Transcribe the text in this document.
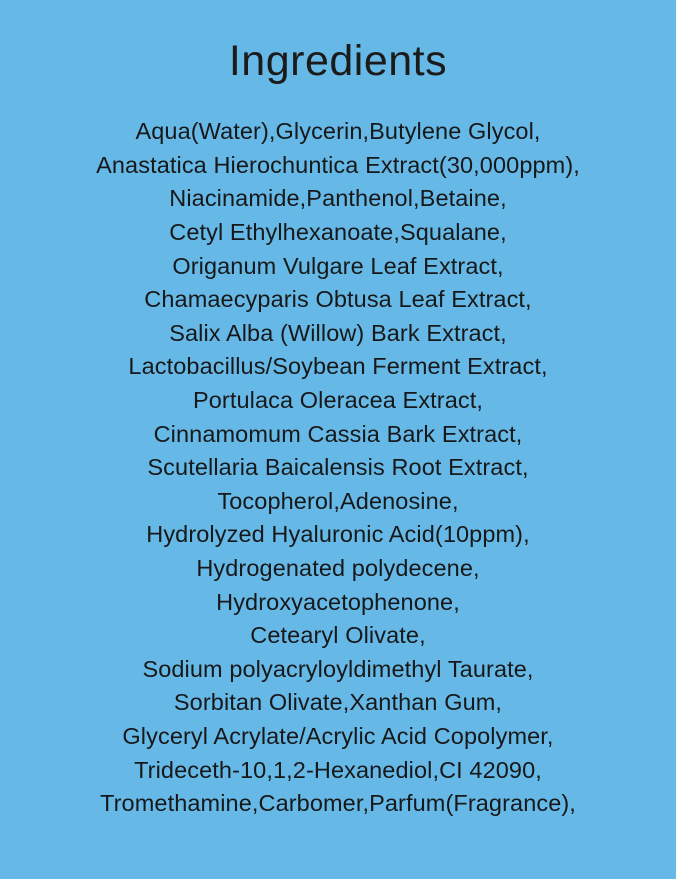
Ingredients
Aqua(Water),Glycerin,Butylene Glycol,
Anastatica Hierochuntica Extract(30,000ppm),
Niacinamide,Panthenol,Betaine,
Cetyl Ethylhexanoate,Squalane,
Origanum Vulgare Leaf Extract,
Chamaecyparis Obtusa Leaf Extract,
Salix Alba (Willow) Bark Extract,
Lactobacillus/Soybean Ferment Extract,
Portulaca Oleracea Extract,
Cinnamomum Cassia Bark Extract,
Scutellaria Baicalensis Root Extract,
Tocopherol,Adenosine,
Hydrolyzed Hyaluronic Acid(10ppm),
Hydrogenated polydecene,
Hydroxyacetophenone,
Cetearyl Olivate,
Sodium polyacryloyldimethyl Taurate,
Sorbitan Olivate,Xanthan Gum,
Glyceryl Acrylate/Acrylic Acid Copolymer,
Trideceth-10,1,2-Hexanediol,CI 42090,
Tromethamine,Carbomer,Parfum(Fragrance),
